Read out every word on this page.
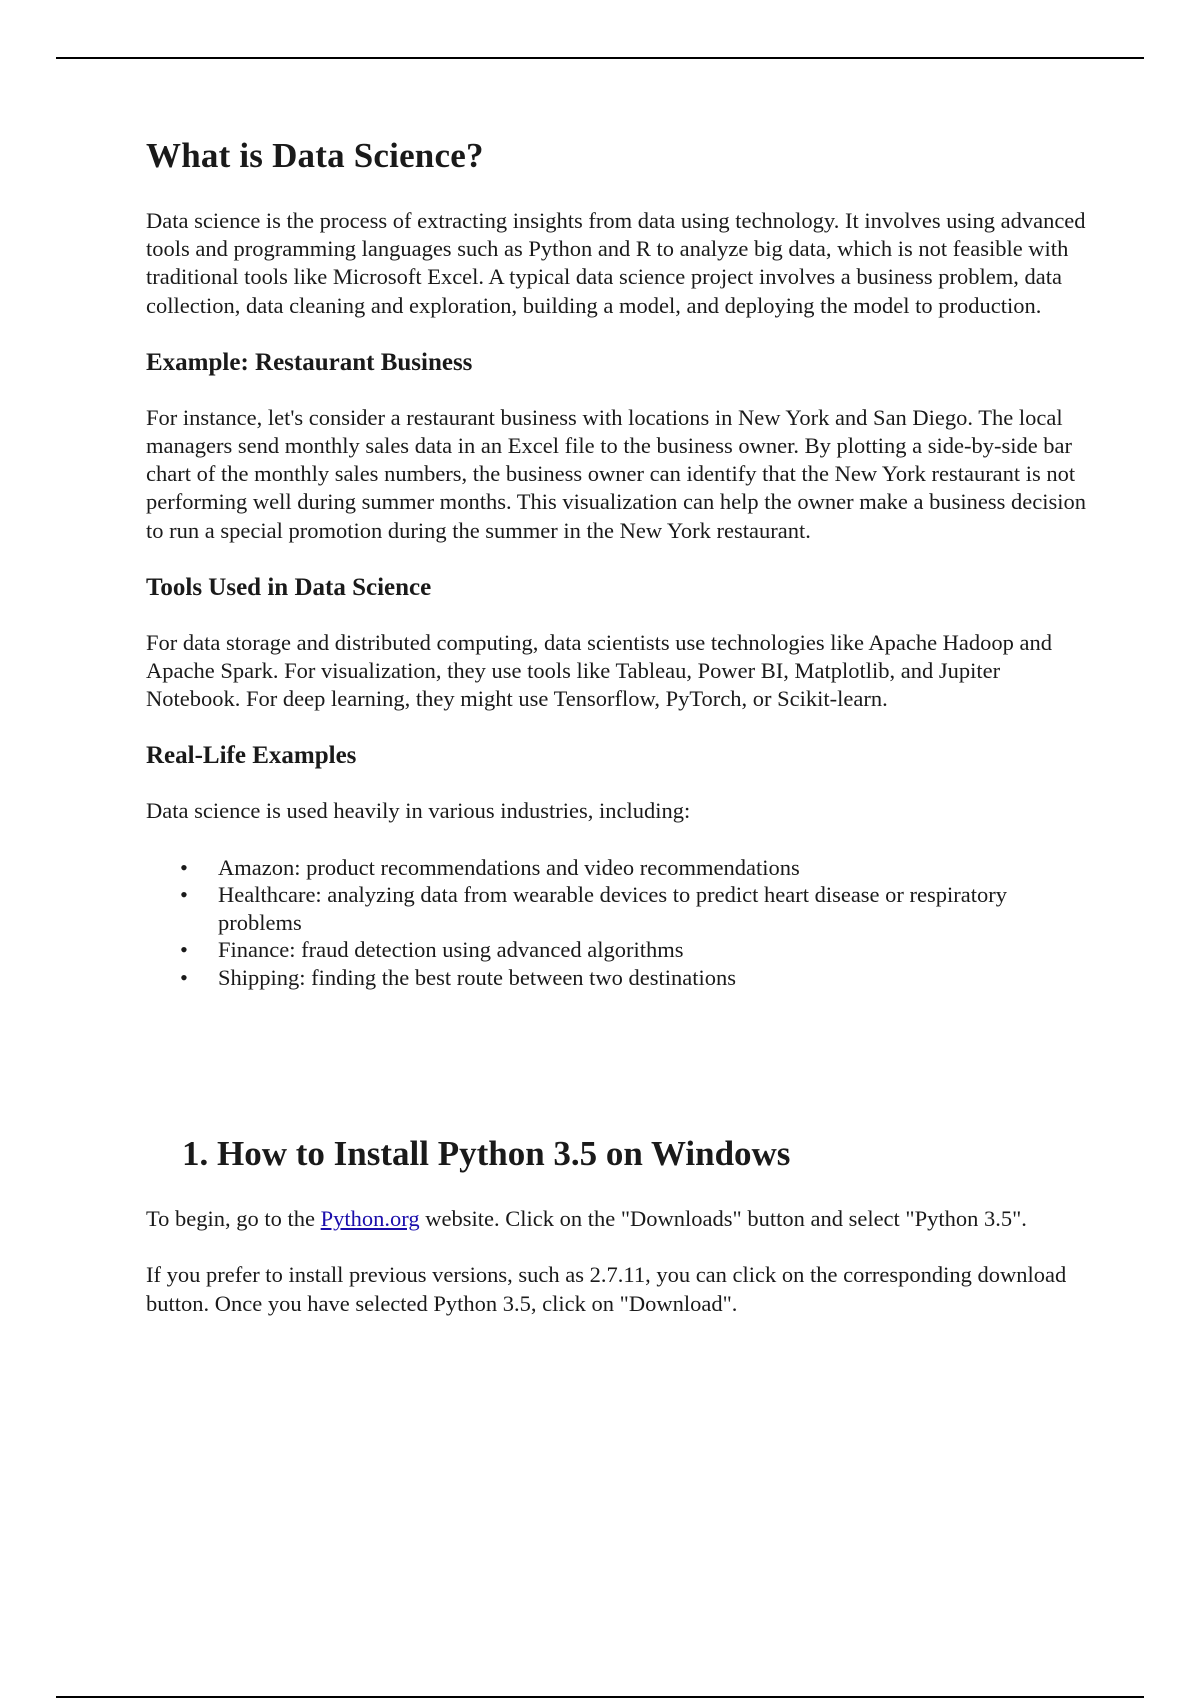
What is Data Science?

Data science is the process of extracting insights from data using technology. It involves using advanced tools and programming languages such as Python and R to analyze big data, which is not feasible with traditional tools like Microsoft Excel. A typical data science project involves a business problem, data collection, data cleaning and exploration, building a model, and deploying the model to production.

Example: Restaurant Business

For instance, let's consider a restaurant business with locations in New York and San Diego. The local managers send monthly sales data in an Excel file to the business owner. By plotting a side-by-side bar chart of the monthly sales numbers, the business owner can identify that the New York restaurant is not performing well during summer months. This visualization can help the owner make a business decision to run a special promotion during the summer in the New York restaurant.

Tools Used in Data Science

For data storage and distributed computing, data scientists use technologies like Apache Hadoop and Apache Spark. For visualization, they use tools like Tableau, Power BI, Matplotlib, and Jupiter Notebook. For deep learning, they might use Tensorflow, PyTorch, or Scikit-learn.

Real-Life Examples

Data science is used heavily in various industries, including:

• Amazon: product recommendations and video recommendations
• Healthcare: analyzing data from wearable devices to predict heart disease or respiratory problems
• Finance: fraud detection using advanced algorithms
• Shipping: finding the best route between two destinations
1. How to Install Python 3.5 on Windows

To begin, go to the Python.org website. Click on the "Downloads" button and select "Python 3.5".

If you prefer to install previous versions, such as 2.7.11, you can click on the corresponding download button. Once you have selected Python 3.5, click on "Download".
